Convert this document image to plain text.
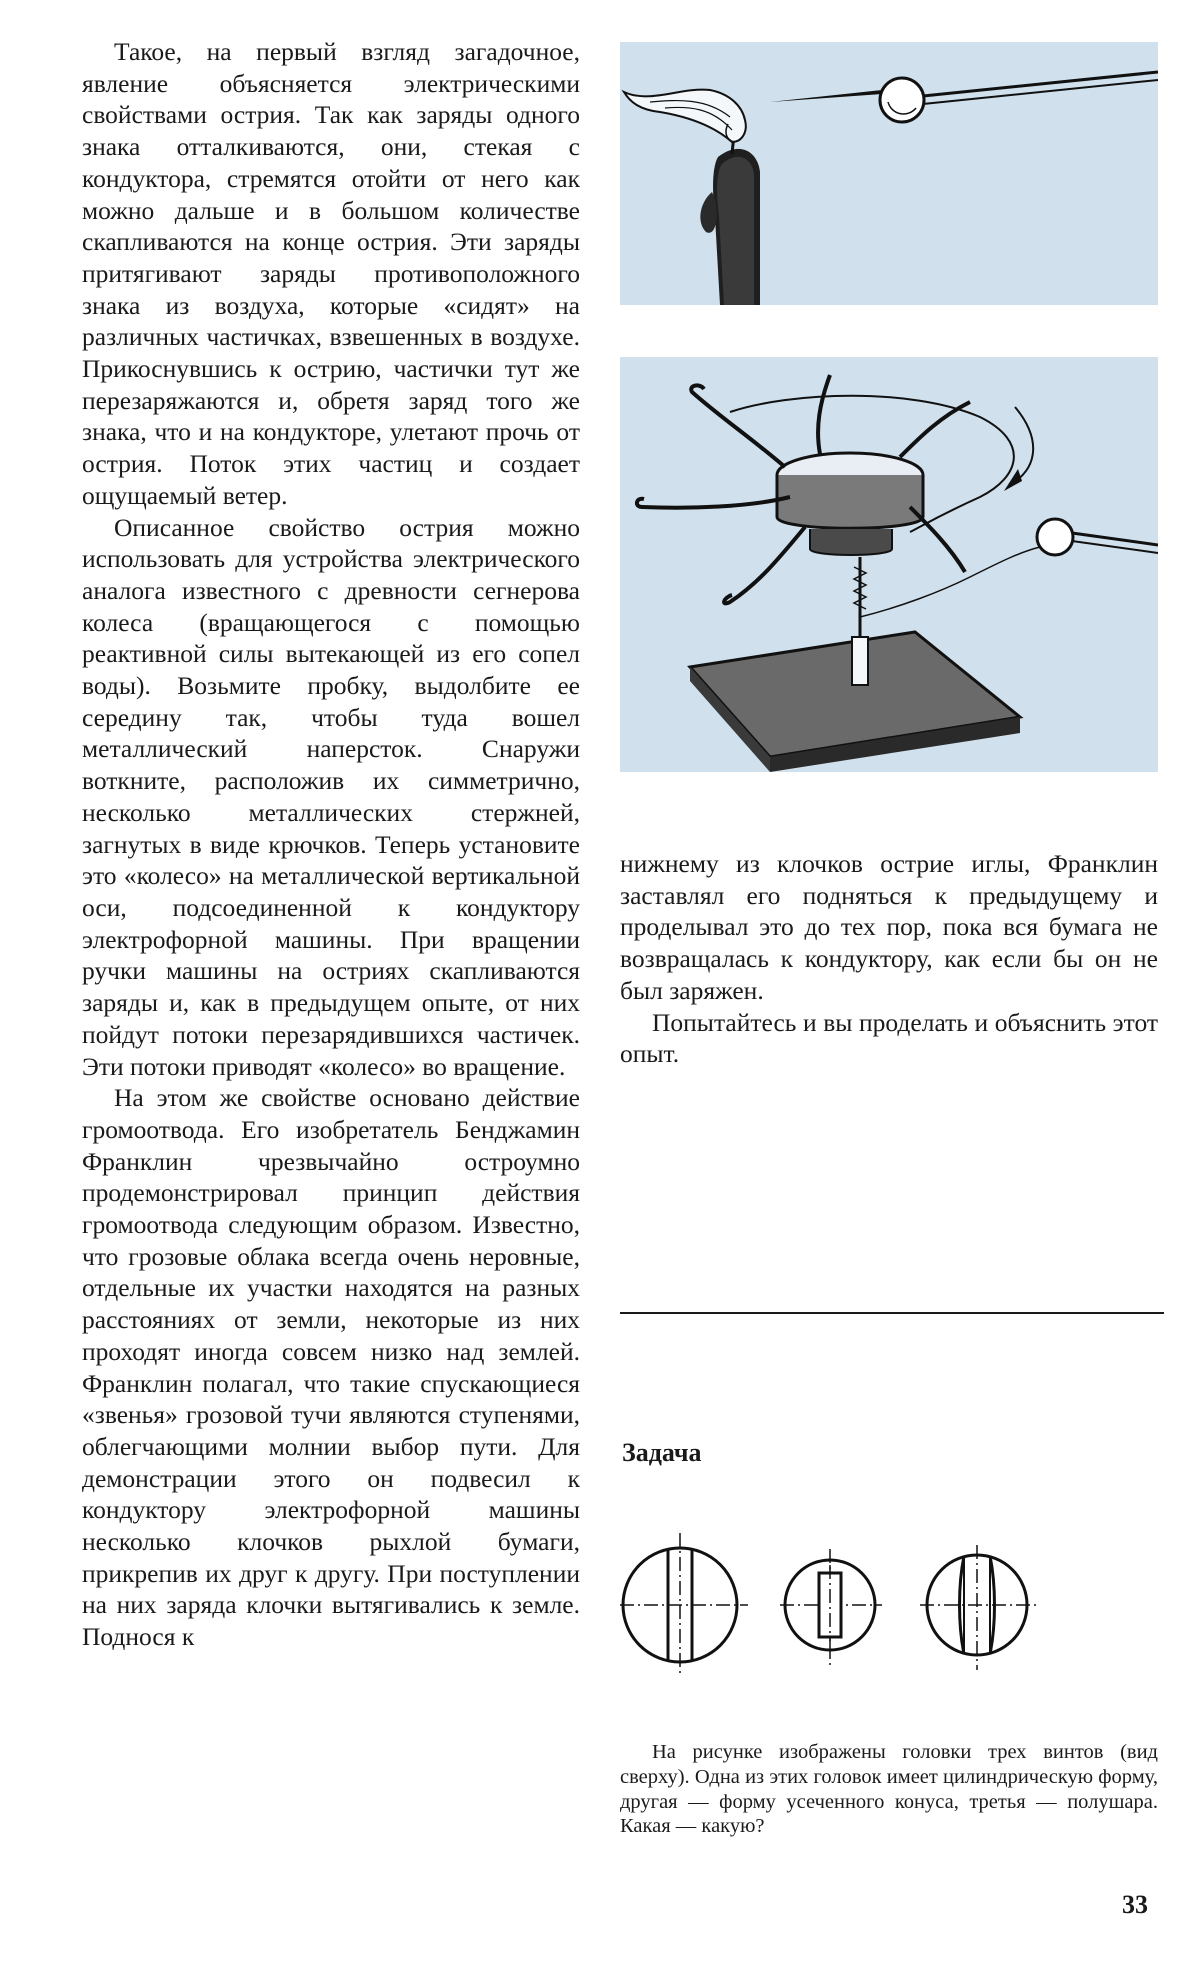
Такое, на первый взгляд загадочное, явление объясняется электрическими свойствами острия. Так как заряды одного знака отталкиваются, они, стекая с кондуктора, стремятся отойти от него как можно дальше и в большом количестве скапливаются на конце острия. Эти заряды притягивают заряды противоположного знака из воздуха, которые «сидят» на различных частичках, взвешенных в воздухе. Прикоснувшись к острию, частички тут же перезаряжаются и, обретя заряд того же знака, что и на кондукторе, улетают прочь от острия. Поток этих частиц и создает ощущаемый ветер.

Описанное свойство острия можно использовать для устройства электрического аналога известного с древности сегнерова колеса (вращающегося с помощью реактивной силы вытекающей из его сопел воды). Возьмите пробку, выдолбите ее середину так, чтобы туда вошел металлический наперсток. Снаружи воткните, расположив их симметрично, несколько металлических стержней, загнутых в виде крючков. Теперь установите это «колесо» на металлической вертикальной оси, подсоединенной к кондуктору электрофорной машины. При вращении ручки машины на остриях скапливаются заряды и, как в предыдущем опыте, от них пойдут потоки перезарядившихся частичек. Эти потоки приводят «колесо» во вращение.

На этом же свойстве основано действие громоотвода. Его изобретатель Бенджамин Франклин чрезвычайно остроумно продемонстрировал принцип действия громоотвода следующим образом. Известно, что грозовые облака всегда очень неровные, отдельные их участки находятся на разных расстояниях от земли, некоторые из них проходят иногда совсем низко над землей. Франклин полагал, что такие спускающиеся «звенья» грозовой тучи являются ступенями, облегчающими молнии выбор пути. Для демонстрации этого он подвесил к кондуктору электрофорной машины несколько клочков рыхлой бумаги, прикрепив их друг к другу. При поступлении на них заряда клочки вытягивались к земле. Поднося к

нижнему из клочков острие иглы, Франклин заставлял его подняться к предыдущему и проделывал это до тех пор, пока вся бумага не возвращалась к кондуктору, как если бы он не был заряжен.

Попытайтесь и вы проделать и объяснить этот опыт.

Задача
На рисунке изображены головки трех винтов (вид сверху). Одна из этих головок имеет цилиндрическую форму, другая — форму усеченного конуса, третья — полушара. Какая — какую?
33
